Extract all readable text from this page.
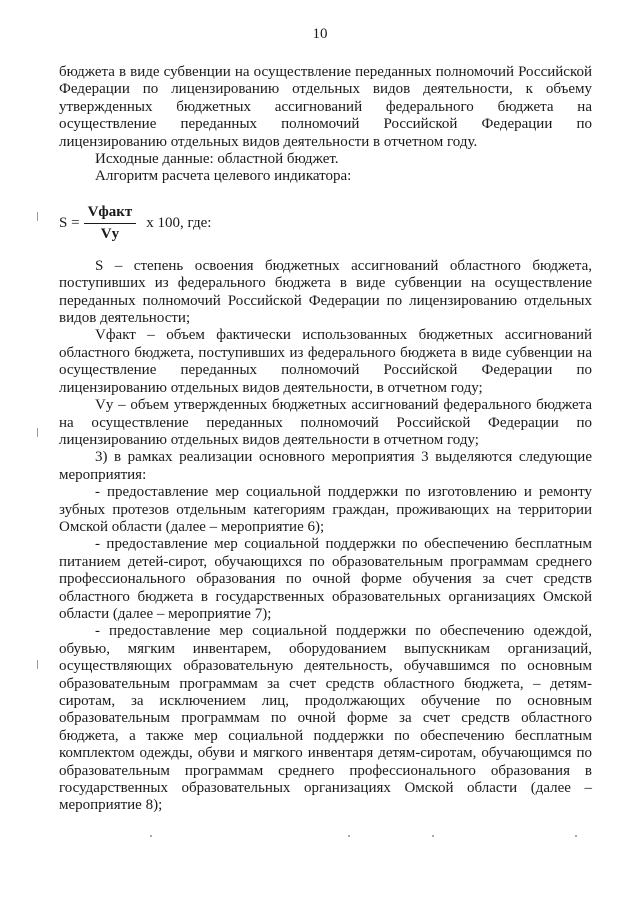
10

бюджета в виде субвенции на осуществление переданных полномочий Российской Федерации по лицензированию отдельных видов деятельности, к объему утвержденных бюджетных ассигнований федерального бюджета на осуществление переданных полномочий Российской Федерации по лицензированию отдельных видов деятельности в отчетном году.

Исходные данные: областной бюджет.

Алгоритм расчета целевого индикатора:

$S = \frac{\text{Vфакт}}{Vу}$ х 100, где:

S – степень освоения бюджетных ассигнований областного бюджета, поступивших из федерального бюджета в виде субвенции на осуществление переданных полномочий Российской Федерации по лицензированию отдельных видов деятельности;

Vфакт – объем фактически использованных бюджетных ассигнований областного бюджета, поступивших из федерального бюджета в виде субвенции на осуществление переданных полномочий Российской Федерации по лицензированию отдельных видов деятельности, в отчетном году;

Vу – объем утвержденных бюджетных ассигнований федерального бюджета на осуществление переданных полномочий Российской Федерации по лицензированию отдельных видов деятельности в отчетном году;

3) в рамках реализации основного мероприятия 3 выделяются следующие мероприятия:

- предоставление мер социальной поддержки по изготовлению и ремонту зубных протезов отдельным категориям граждан, проживающих на территории Омской области (далее – мероприятие 6);

- предоставление мер социальной поддержки по обеспечению бесплатным питанием детей-сирот, обучающихся по образовательным программам среднего профессионального образования по очной форме обучения за счет средств областного бюджета в государственных образовательных организациях Омской области (далее – мероприятие 7);

- предоставление мер социальной поддержки по обеспечению одеждой, обувью, мягким инвентарем, оборудованием выпускникам организаций, осуществляющих образовательную деятельность, обучавшимся по основным образовательным программам за счет средств областного бюджета, – детям-сиротам, за исключением лиц, продолжающих обучение по основным образовательным программам по очной форме за счет средств областного бюджета, а также мер социальной поддержки по обеспечению бесплатным комплектом одежды, обуви и мягкого инвентаря детям-сиротам, обучающимся по образовательным программам среднего профессионального образования в государственных образовательных организациях Омской области (далее – мероприятие 8);
